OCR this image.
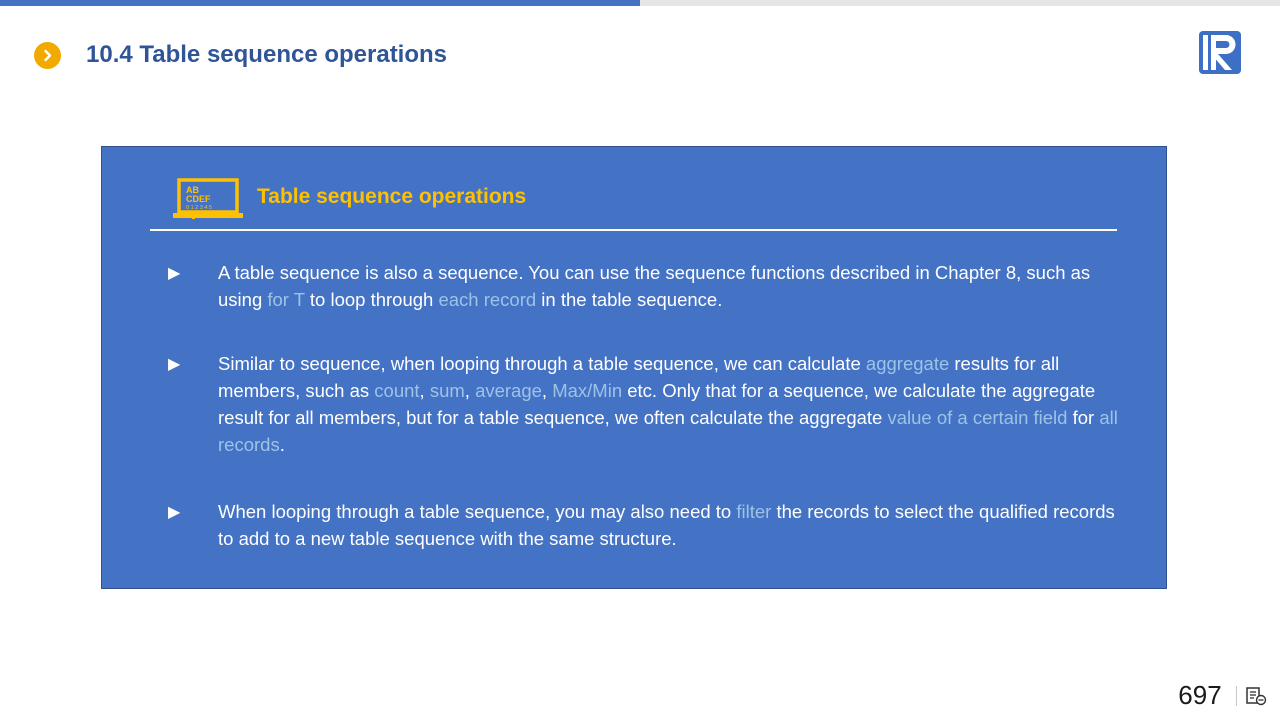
10.4 Table sequence operations
AB
CDEF
0 1 2 3 4 5 Table sequence operations
▶ A table sequence is also a sequence. You can use the sequence functions described in Chapter 8, such as using for T to loop through each record in the table sequence.
▶ Similar to sequence, when looping through a table sequence, we can calculate aggregate results for all members, such as count, sum, average, Max/Min etc. Only that for a sequence, we calculate the aggregate result for all members, but for a table sequence, we often calculate the aggregate value of a certain field for all records.
▶ When looping through a table sequence, you may also need to filter the records to select the qualified records to add to a new table sequence with the same structure.
697
